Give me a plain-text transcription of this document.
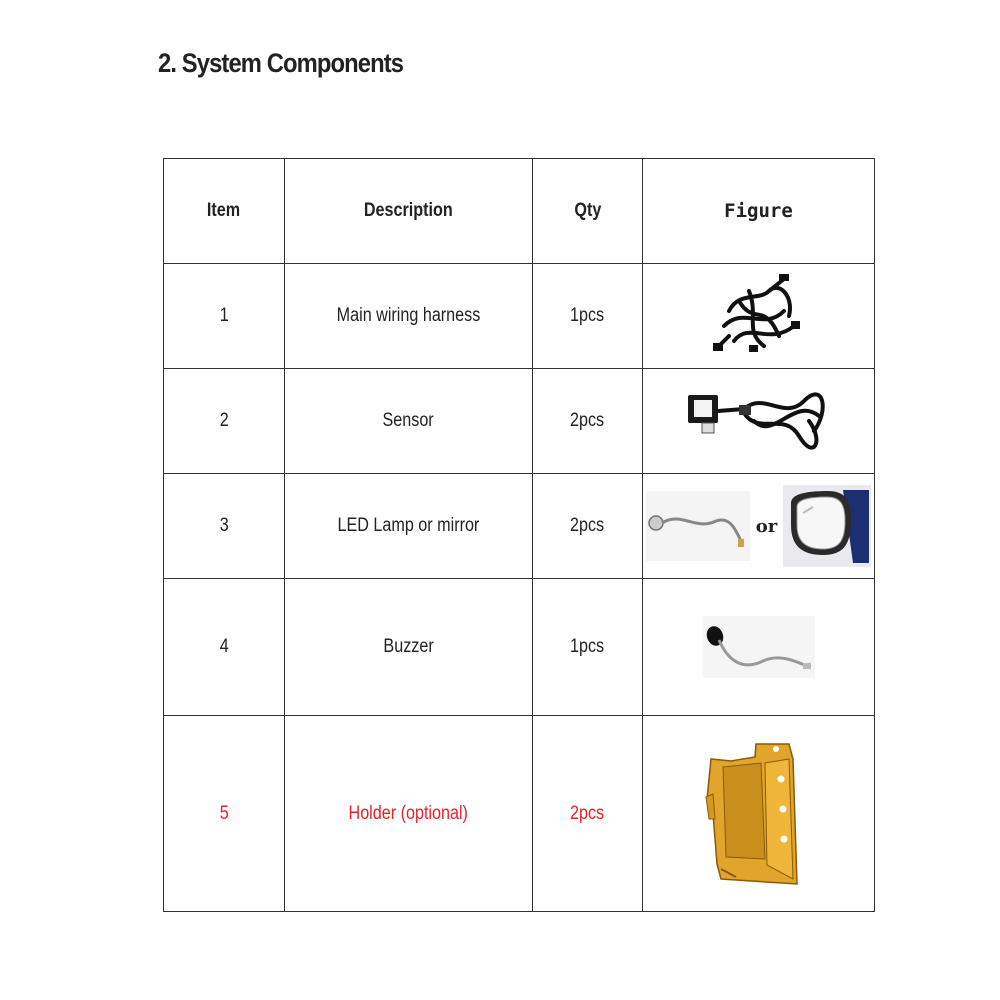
2. System Components
Item	Description	Qty	Figure
1	Main wiring harness	1pcs	

2	Sensor	2pcs	

3	LED Lamp or mirror	2pcs	or

4	Buzzer	1pcs	

5	Holder (optional)	2pcs	
